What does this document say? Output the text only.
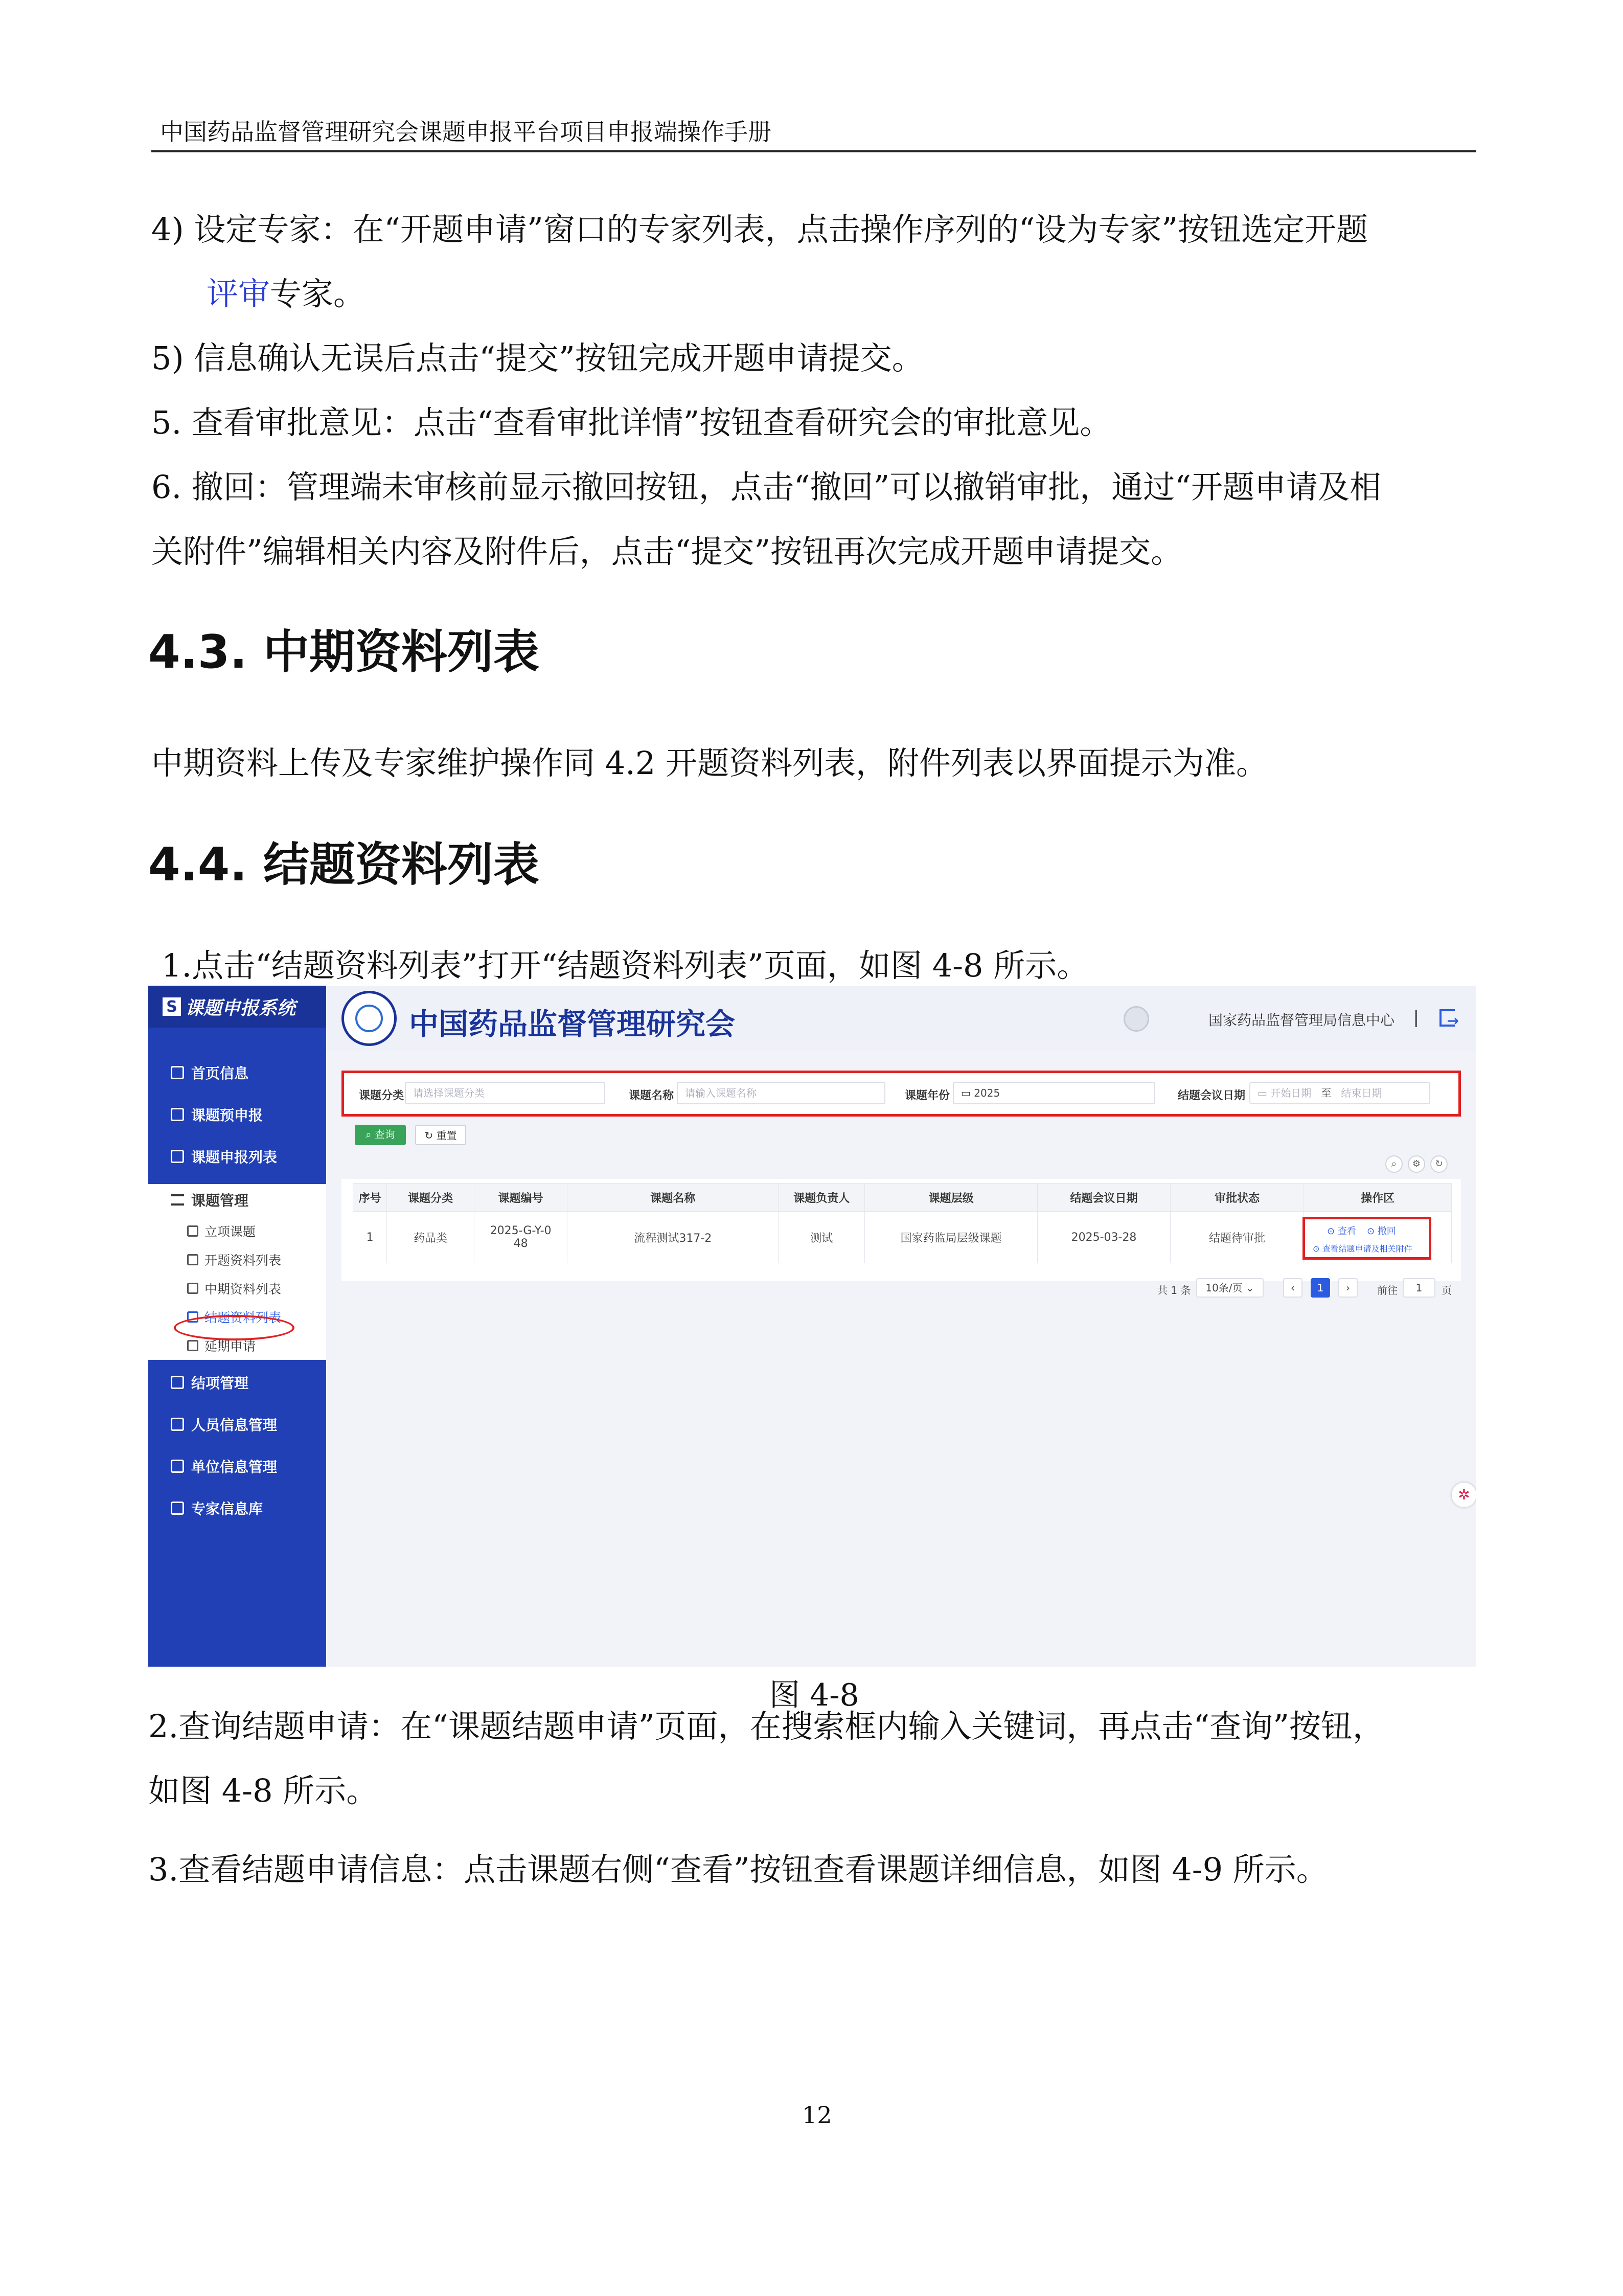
中国药品监督管理研究会课题申报平台项目申报端操作手册
4) 设定专家：在“开题申请”窗口的专家列表，点击操作序列的“设为专家”按钮选定开题
评审专家。
5) 信息确认无误后点击“提交”按钮完成开题申请提交。
5. 查看审批意见：点击“查看审批详情”按钮查看研究会的审批意见。
6. 撤回：管理端未审核前显示撤回按钮，点击“撤回”可以撤销审批，通过“开题申请及相
关附件”编辑相关内容及附件后，点击“提交”按钮再次完成开题申请提交。
4.3. 中期资料列表
中期资料上传及专家维护操作同 4.2 开题资料列表，附件列表以界面提示为准。
4.4. 结题资料列表
1.点击“结题资料列表”打开“结题资料列表”页面，如图 4-8 所示。
S 课题申报系统
首页信息
课题预申报
课题申报列表
课题管理
立项课题
开题资料列表
中期资料列表
结题资料列表
延期申请
结项管理
人员信息管理
单位信息管理
专家信息库
中国药品监督管理研究会	国家药品监督管理局信息中心 | →
课题分类 请选择课题分类	课题名称	请输入课题名称	课题年份	▭ 2025	结题会议日期	▭ 开始日期 至 结束日期
⌕ 查询	↻ 重置
⌕	⚙	↻
序号	课题分类	课题编号	课题名称	课题负责人	课题层级	结题会议日期	审批状态	操作区
1	药品类	2025-G-Y-048	流程测试317-2	测试	国家药监局层级课题	2025-03-28	结题待审批	
⊙ 查看 ⊙ 撤回
⊙ 查看结题申请及相关附件
共 1 条	10条/页 ⌄	‹	1	›	前往	1	页
✲
图 4-8
2.查询结题申请：在“课题结题申请”页面，在搜索框内输入关键词，再点击“查询”按钮，
如图 4-8 所示。
3.查看结题申请信息：点击课题右侧“查看”按钮查看课题详细信息，如图 4-9 所示。
12
